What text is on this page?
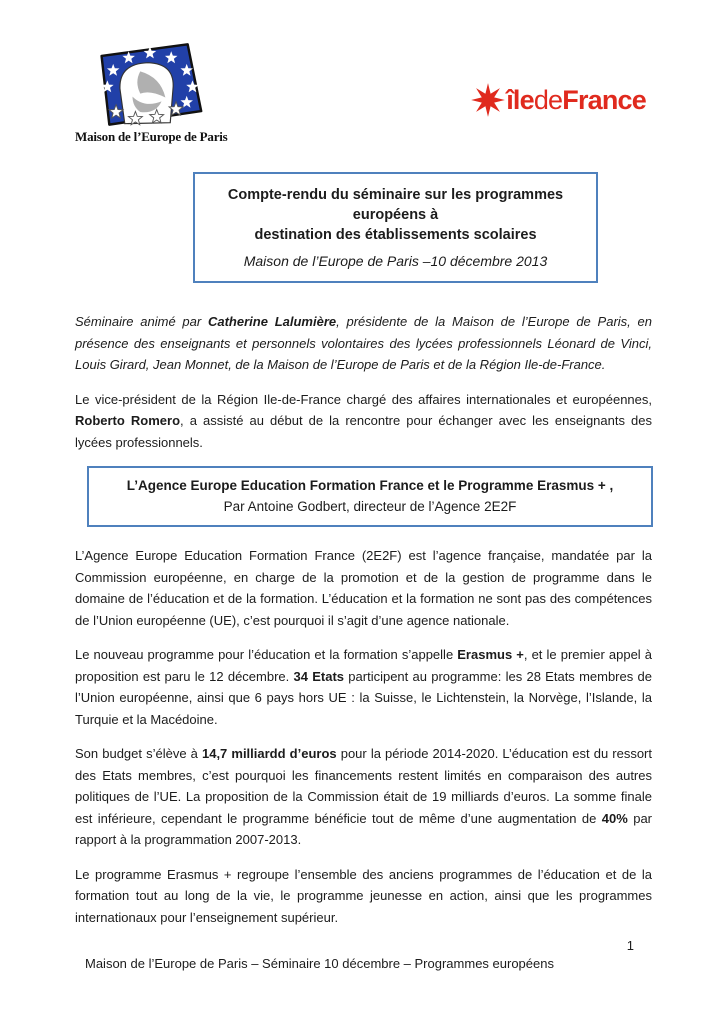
Maison de l’Europe de Paris
îledeFrance
Compte-rendu du séminaire sur les programmes européens à
destination des établissements scolaires
Maison de l’Europe de Paris –10 décembre 2013

Séminaire animé par Catherine Lalumière, présidente de la Maison de l’Europe de Paris, en présence des enseignants et personnels volontaires des lycées professionnels Léonard de Vinci, Louis Girard, Jean Monnet, de la Maison de l’Europe de Paris et de la Région Ile-de-France.

Le vice-président de la Région Ile-de-France chargé des affaires internationales et européennes, Roberto Romero, a assisté au début de la rencontre pour échanger avec les enseignants des lycées professionnels.

L’Agence Europe Education Formation France et le Programme Erasmus + ,
Par Antoine Godbert, directeur de l’Agence 2E2F

L’Agence Europe Education Formation France (2E2F) est l’agence française, mandatée par la Commission européenne, en charge de la promotion et de la gestion de programme dans le domaine de l’éducation et de la formation. L’éducation et la formation ne sont pas des compétences de l’Union européenne (UE), c’est pourquoi il s’agit d’une agence nationale.

Le nouveau programme pour l’éducation et la formation s’appelle Erasmus +, et le premier appel à proposition est paru le 12 décembre. 34 Etats participent au programme: les 28 Etats membres de l’Union européenne, ainsi que 6 pays hors UE : la Suisse, le Lichtenstein, la Norvège, l’Islande, la Turquie et la Macédoine.

Son budget s’élève à 14,7 milliardd d’euros pour la période 2014-2020. L’éducation est du ressort des Etats membres, c’est pourquoi les financements restent limités en comparaison des autres politiques de l’UE. La proposition de la Commission était de 19 milliards d’euros. La somme finale est inférieure, cependant le programme bénéficie tout de même d’une augmentation de 40% par rapport à la programmation 2007-2013.

Le programme Erasmus + regroupe l’ensemble des anciens programmes de l’éducation et de la formation tout au long de la vie, le programme jeunesse en action, ainsi que les programmes internationaux pour l’enseignement supérieur.

1
Maison de l’Europe de Paris – Séminaire 10 décembre – Programmes européens
